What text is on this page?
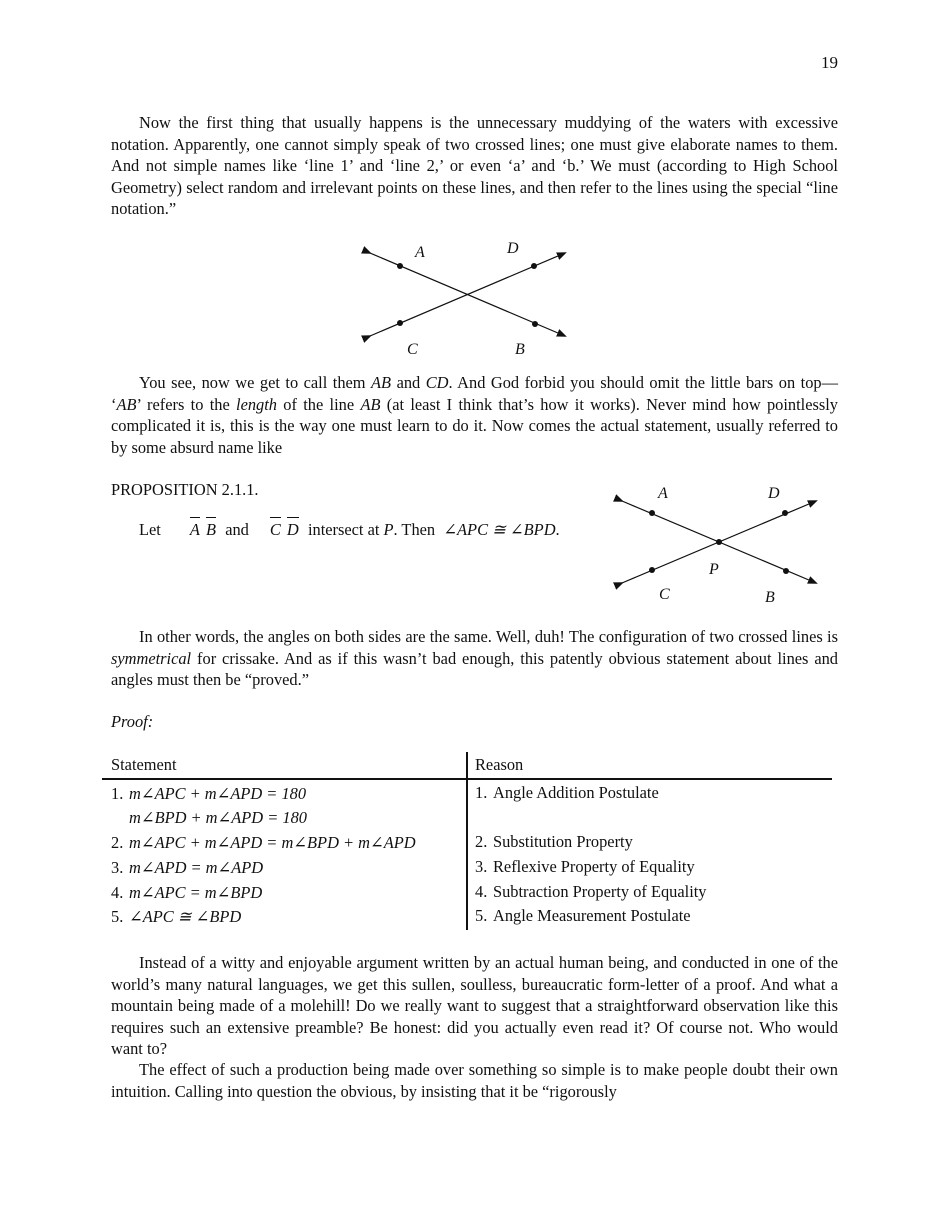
19

Now the first thing that usually happens is the unnecessary muddying of the waters with excessive notation. Apparently, one cannot simply speak of two crossed lines; one must give elaborate names to them. And not simple names like ‘line 1’ and ‘line 2,’ or even ‘a’ and ‘b.’ We must (according to High School Geometry) select random and irrelevant points on these lines, and then refer to the lines using the special “line notation.”

A	D
C	B

You see, now we get to call them AB and CD. And God forbid you should omit the little bars on top— ‘AB’ refers to the length of the line AB (at least I think that’s how it works). Never mind how pointlessly complicated it is, this is the way one must learn to do it. Now comes the actual statement, usually referred to by some absurd name like

PROPOSITION 2.1.1.
Let A B and C D intersect at P. Then ∠APC ≅ ∠BPD.
A	D
P
C	B

In other words, the angles on both sides are the same. Well, duh! The configuration of two crossed lines is symmetrical for crissake. And as if this wasn’t bad enough, this patently obvious statement about lines and angles must then be “proved.”

Proof:
Statement	Reason
1. m∠APC + m∠APD = 180	1. Angle Addition Postulate
m∠BPD + m∠APD = 180
2. m∠APC + m∠APD = m∠BPD + m∠APD	2. Substitution Property
3. m∠APD = m∠APD	3. Reflexive Property of Equality
4. m∠APC = m∠BPD	4. Subtraction Property of Equality
5. ∠APC ≅ ∠BPD	5. Angle Measurement Postulate

Instead of a witty and enjoyable argument written by an actual human being, and conducted in one of the world’s many natural languages, we get this sullen, soulless, bureaucratic form-letter of a proof. And what a mountain being made of a molehill! Do we really want to suggest that a straightforward observation like this requires such an extensive preamble? Be honest: did you actually even read it? Of course not. Who would want to?

The effect of such a production being made over something so simple is to make people doubt their own intuition. Calling into question the obvious, by insisting that it be “rigorously
